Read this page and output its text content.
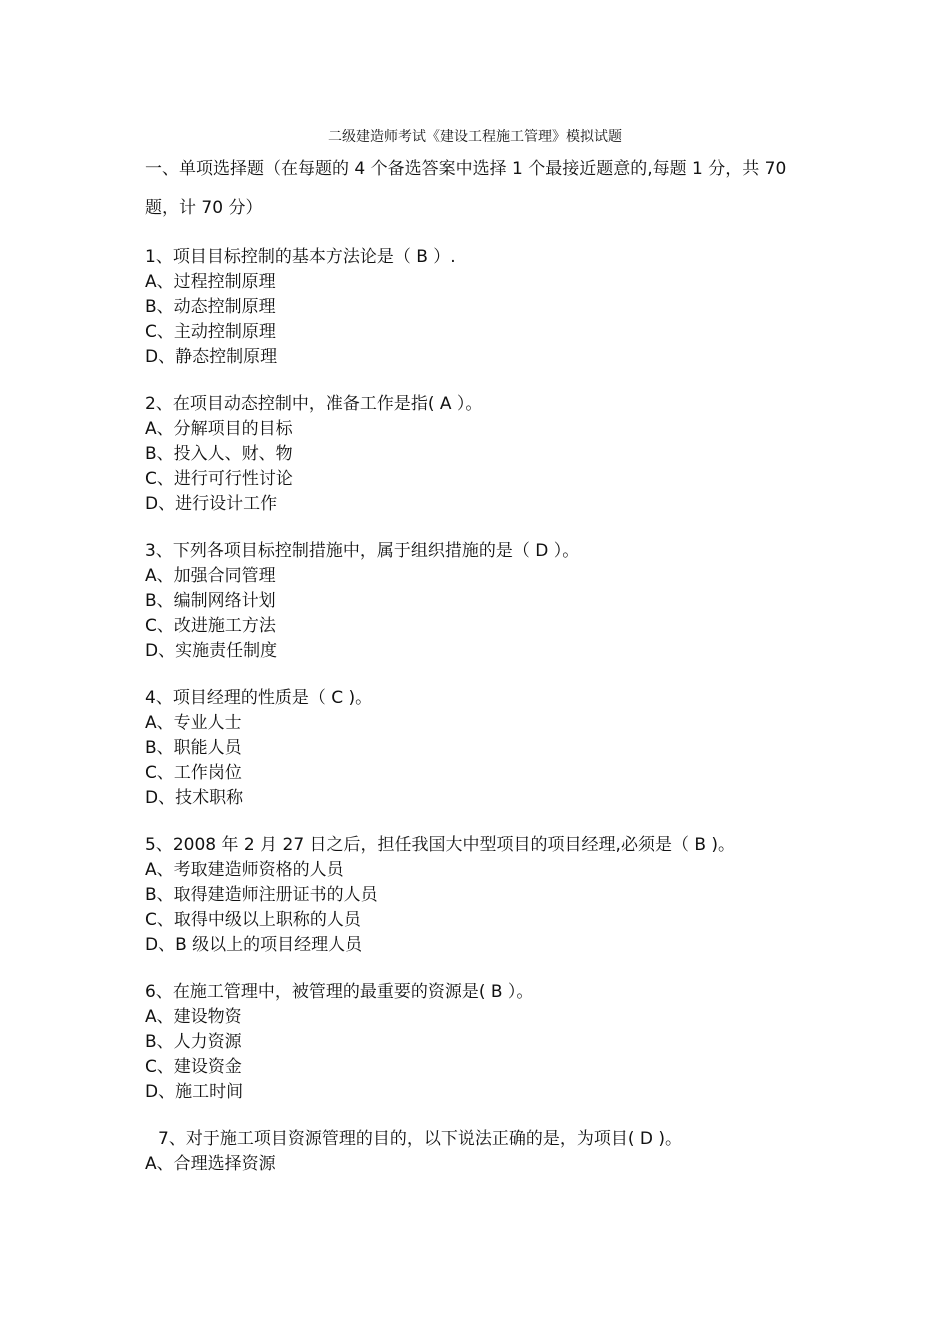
二级建造师考试《建设工程施工管理》模拟试题
一、单项选择题（在每题的 4 个备选答案中选择 1 个最接近题意的,每题 1 分，共 70 题，计 70 分）
1、项目目标控制的基本方法论是（ B ）.
A、过程控制原理
B、动态控制原理
C、主动控制原理
D、静态控制原理
2、在项目动态控制中，准备工作是指( A ）。
A、分解项目的目标
B、投入人、财、物
C、进行可行性讨论
D、进行设计工作
3、下列各项目标控制措施中，属于组织措施的是（ D ）。
A、加强合同管理
B、编制网络计划
C、改进施工方法
D、实施责任制度
4、项目经理的性质是（ C )。
A、专业人士
B、职能人员
C、工作岗位
D、技术职称
5、2008 年 2 月 27 日之后，担任我国大中型项目的项目经理,必须是（ B )。
A、考取建造师资格的人员
B、取得建造师注册证书的人员
C、取得中级以上职称的人员
D、B 级以上的项目经理人员
6、在施工管理中，被管理的最重要的资源是( B ）。
A、建设物资
B、人力资源
C、建设资金
D、施工时间
7、对于施工项目资源管理的目的，以下说法正确的是，为项目( D )。
A、合理选择资源
